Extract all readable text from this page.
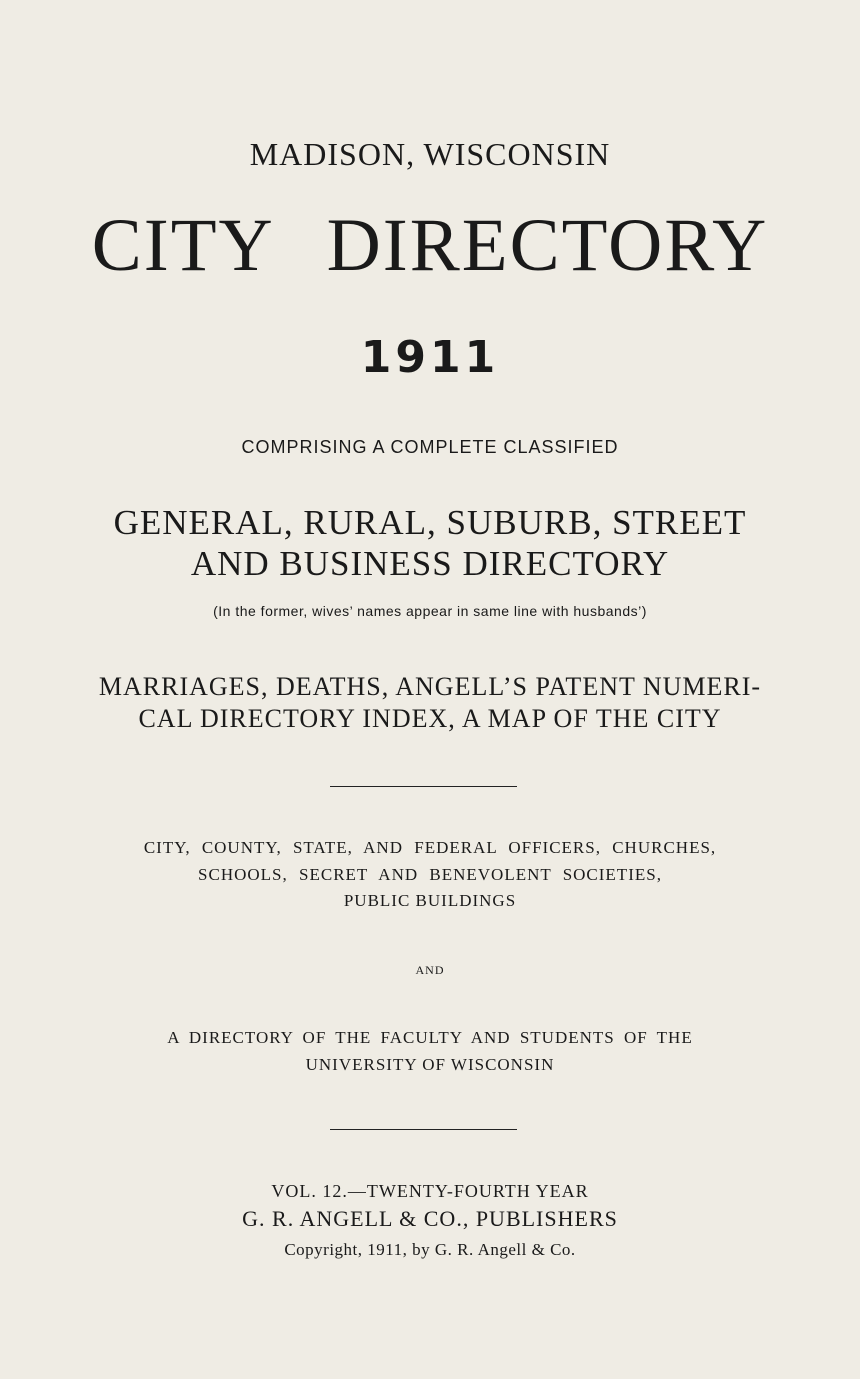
MADISON, WISCONSIN
CITY DIRECTORY
1911
COMPRISING A COMPLETE CLASSIFIED
GENERAL, RURAL, SUBURB, STREET
AND BUSINESS DIRECTORY
(In the former, wives’ names appear in same line with husbands’)
MARRIAGES, DEATHS, ANGELL’S PATENT NUMERI-
CAL DIRECTORY INDEX, A MAP OF THE CITY
CITY, COUNTY, STATE, AND FEDERAL OFFICERS, CHURCHES,
SCHOOLS, SECRET AND BENEVOLENT SOCIETIES,
PUBLIC BUILDINGS
AND
A DIRECTORY OF THE FACULTY AND STUDENTS OF THE
UNIVERSITY OF WISCONSIN
VOL. 12.—TWENTY-FOURTH YEAR
G. R. ANGELL & CO., PUBLISHERS
Copyright, 1911, by G. R. Angell & Co.
